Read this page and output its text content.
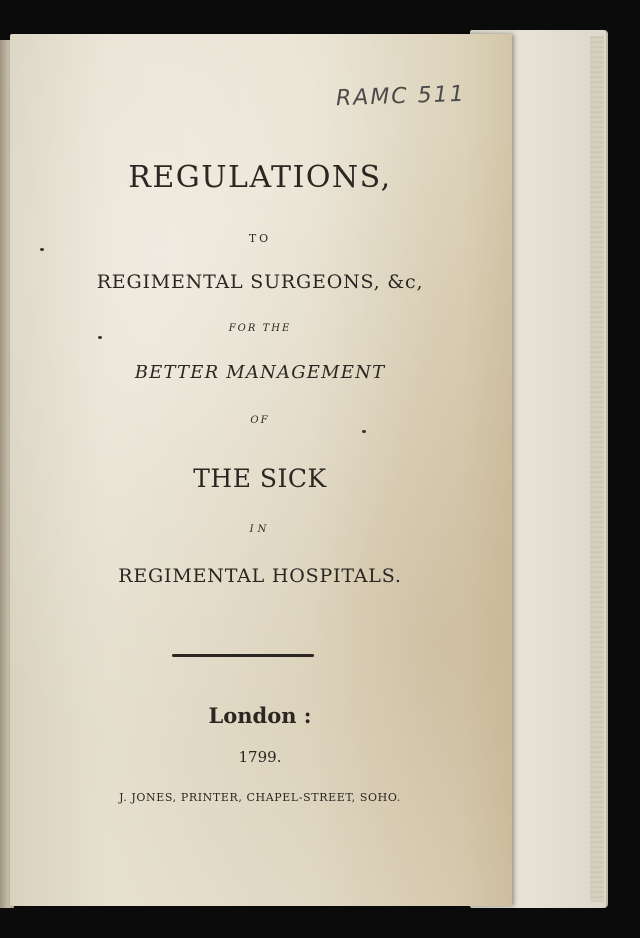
RAMC 511
REGULATIONS,
TO
REGIMENTAL SURGEONS, &c,
FOR THE
BETTER MANAGEMENT
OF
THE SICK
IN
REGIMENTAL HOSPITALS.
London :
1799.
J. JONES, PRINTER, CHAPEL-STREET, SOHO.
